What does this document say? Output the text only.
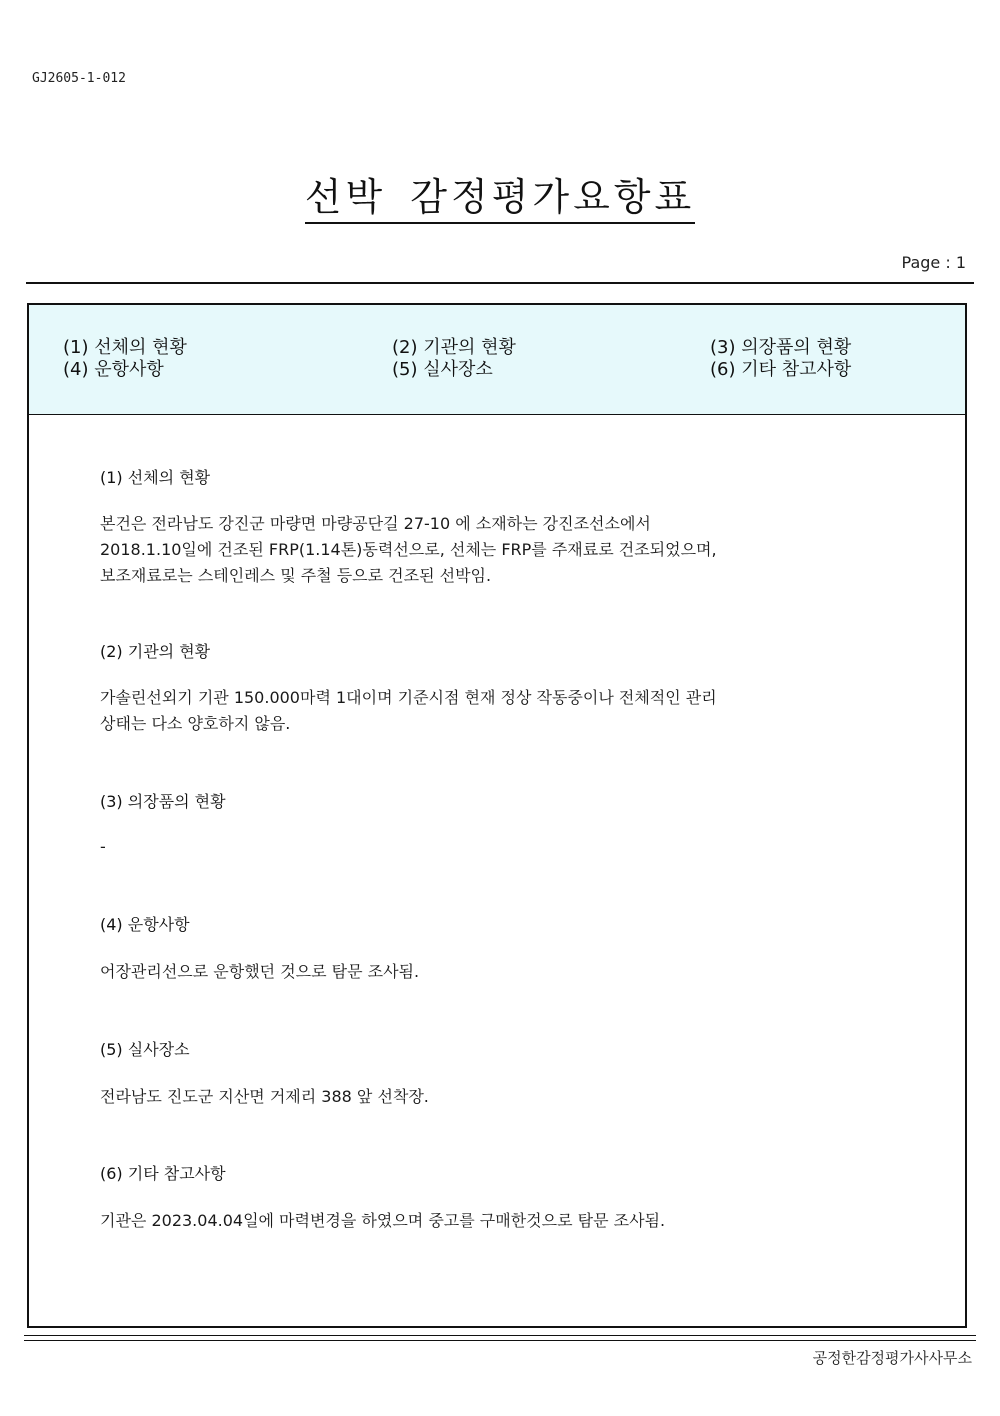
GJ2605-1-012
선박 감정평가요항표
Page : 1
(1) 선체의 현황	(2) 기관의 현황	(3) 의장품의 현황
(4) 운항사항	(5) 실사장소	(6) 기타 참고사항
(1) 선체의 현황
본건은 전라남도 강진군 마량면 마량공단길 27-10 에 소재하는 강진조선소에서
2018.1.10일에 건조된 FRP(1.14톤)동력선으로, 선체는 FRP를 주재료로 건조되었으며,
보조재료로는 스테인레스 및 주철 등으로 건조된 선박임.
(2) 기관의 현황
가솔린선외기 기관 150.000마력 1대이며 기준시점 현재 정상 작동중이나 전체적인 관리
상태는 다소 양호하지 않음.
(3) 의장품의 현황
-
(4) 운항사항
어장관리선으로 운항했던 것으로 탐문 조사됨.
(5) 실사장소
전라남도 진도군 지산면 거제리 388 앞 선착장.
(6) 기타 참고사항
기관은 2023.04.04일에 마력변경을 하였으며 중고를 구매한것으로 탐문 조사됨.
공정한감정평가사사무소
